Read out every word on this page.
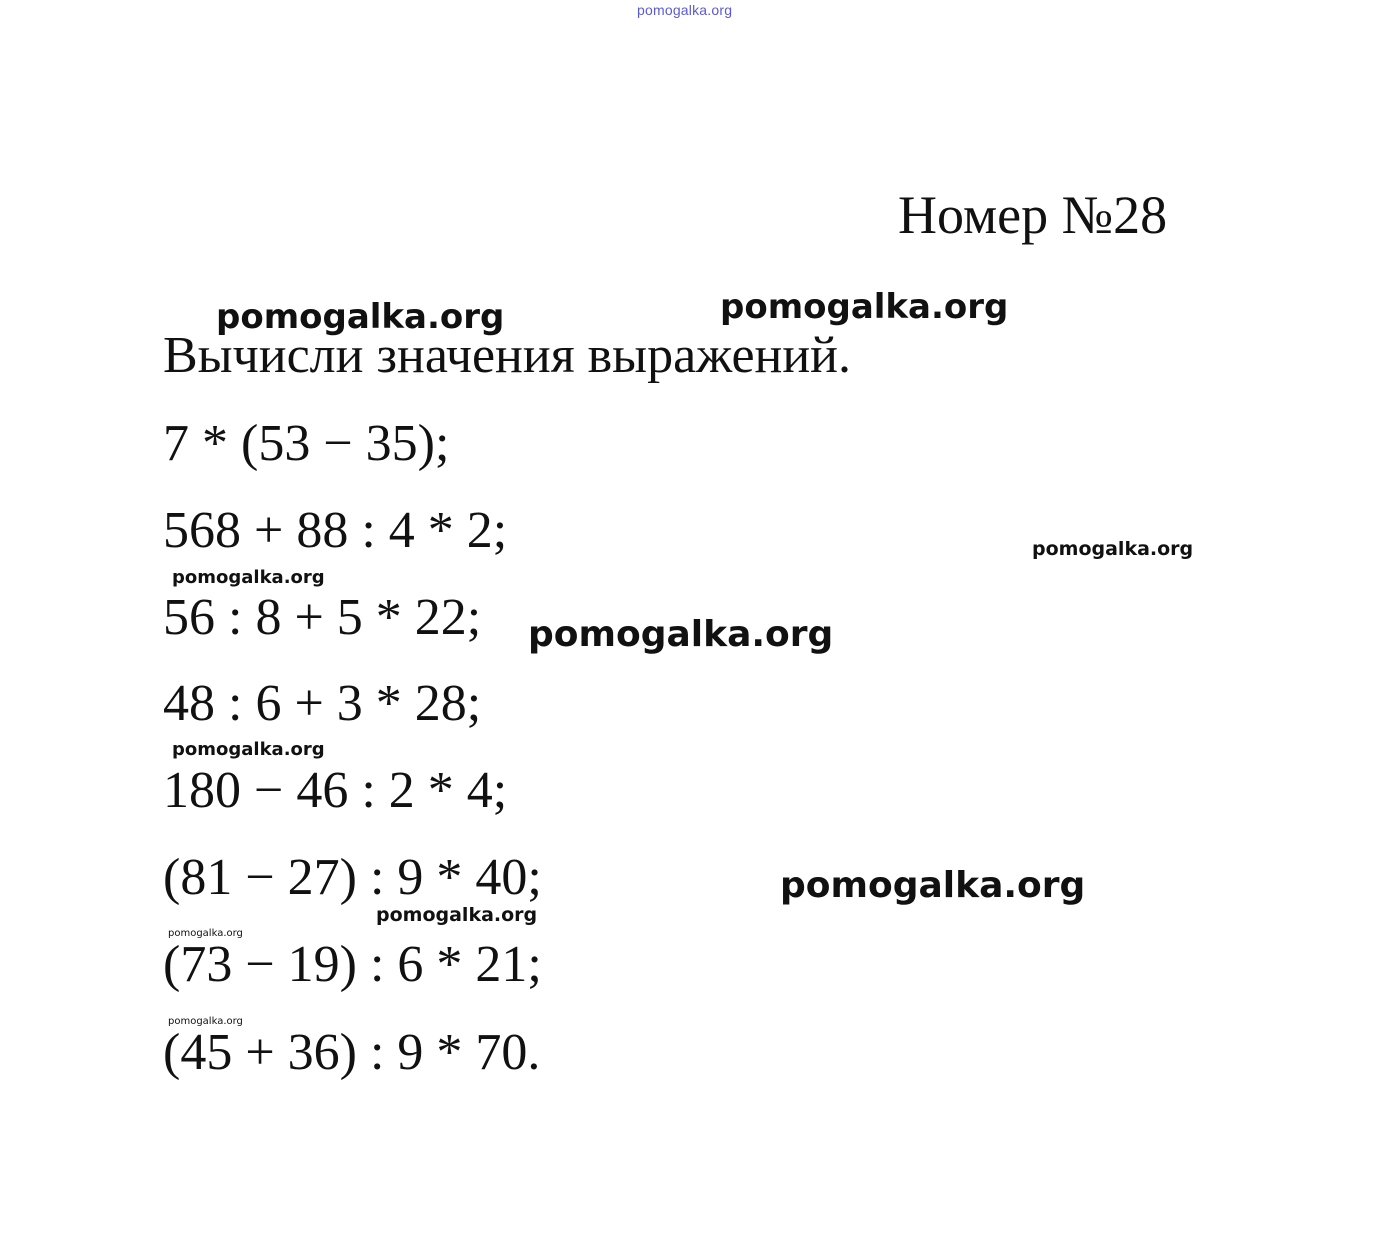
pomogalka.org
Номер №28
pomogalka.org	pomogalka.org
Вычисли значения выражений.
7 * (53 − 35);
568 + 88 : 4 * 2;	pomogalka.org
pomogalka.org
56 : 8 + 5 * 22; pomogalka.org
48 : 6 + 3 * 28;
pomogalka.org
180 − 46 : 2 * 4;
(81 − 27) : 9 * 40;	pomogalka.org
pomogalka.org
pomogalka.org
(73 − 19) : 6 * 21;
pomogalka.org
(45 + 36) : 9 * 70.
